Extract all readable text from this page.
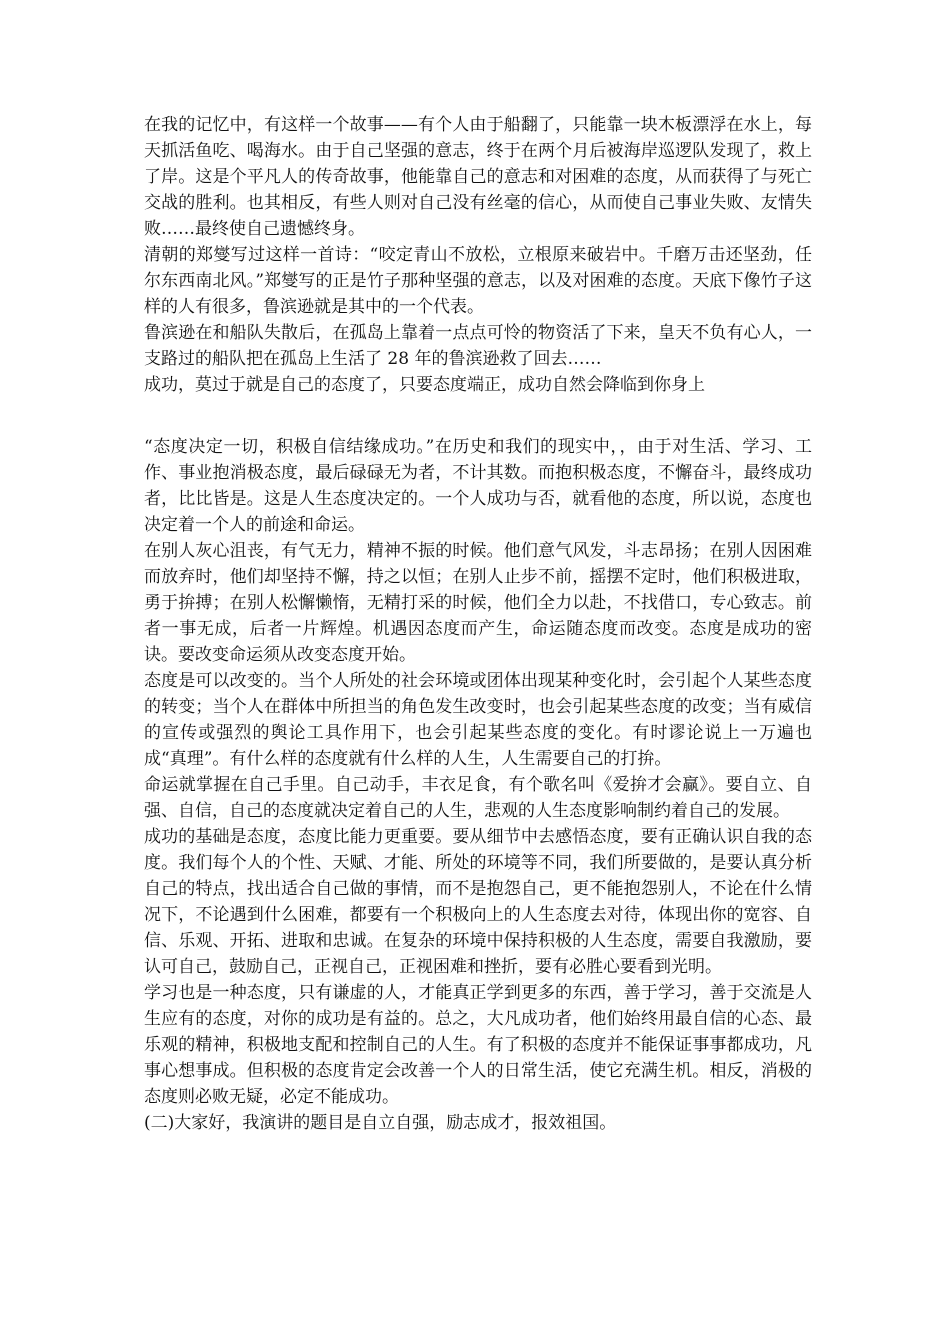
在我的记忆中，有这样一个故事——有个人由于船翻了，只能靠一块木板漂浮在水上，每天抓活鱼吃、喝海水。由于自己坚强的意志，终于在两个月后被海岸巡逻队发现了，救上了岸。这是个平凡人的传奇故事，他能靠自己的意志和对困难的态度，从而获得了与死亡交战的胜利。也其相反，有些人则对自己没有丝毫的信心，从而使自己事业失败、友情失败……最终使自己遗憾终身。

清朝的郑燮写过这样一首诗：“咬定青山不放松，立根原来破岩中。千磨万击还坚劲，任尔东西南北风。”郑燮写的正是竹子那种坚强的意志，以及对困难的态度。天底下像竹子这样的人有很多，鲁滨逊就是其中的一个代表。

鲁滨逊在和船队失散后，在孤岛上靠着一点点可怜的物资活了下来，皇天不负有心人，一支路过的船队把在孤岛上生活了 28 年的鲁滨逊救了回去……

成功，莫过于就是自己的态度了，只要态度端正，成功自然会降临到你身上

“态度决定一切，积极自信结缘成功。”在历史和我们的现实中，，由于对生活、学习、工作、事业抱消极态度，最后碌碌无为者，不计其数。而抱积极态度，不懈奋斗，最终成功者，比比皆是。这是人生态度决定的。一个人成功与否，就看他的态度，所以说，态度也决定着一个人的前途和命运。

在别人灰心沮丧，有气无力，精神不振的时候。他们意气风发，斗志昂扬；在别人因困难而放弃时，他们却坚持不懈，持之以恒；在别人止步不前，摇摆不定时，他们积极进取，勇于拚搏；在别人松懈懒惰，无精打采的时候，他们全力以赴，不找借口，专心致志。前者一事无成，后者一片辉煌。机遇因态度而产生，命运随态度而改变。态度是成功的密诀。要改变命运须从改变态度开始。

态度是可以改变的。当个人所处的社会环境或团体出现某种变化时，会引起个人某些态度的转变；当个人在群体中所担当的角色发生改变时，也会引起某些态度的改变；当有威信的宣传或强烈的舆论工具作用下，也会引起某些态度的变化。有时谬论说上一万遍也成“真理”。有什么样的态度就有什么样的人生，人生需要自己的打拚。

命运就掌握在自己手里。自己动手，丰衣足食，有个歌名叫《爱拚才会赢》。要自立、自强、自信，自己的态度就决定着自己的人生，悲观的人生态度影响制约着自己的发展。

成功的基础是态度，态度比能力更重要。要从细节中去感悟态度，要有正确认识自我的态度。我们每个人的个性、天赋、才能、所处的环境等不同，我们所要做的，是要认真分析自己的特点，找出适合自己做的事情，而不是抱怨自己，更不能抱怨别人，不论在什么情况下，不论遇到什么困难，都要有一个积极向上的人生态度去对待，体现出你的宽容、自信、乐观、开拓、进取和忠诚。在复杂的环境中保持积极的人生态度，需要自我激励，要认可自己，鼓励自己，正视自己，正视困难和挫折，要有必胜心要看到光明。

学习也是一种态度，只有谦虚的人，才能真正学到更多的东西，善于学习，善于交流是人生应有的态度，对你的成功是有益的。总之，大凡成功者，他们始终用最自信的心态、最乐观的精神，积极地支配和控制自己的人生。有了积极的态度并不能保证事事都成功，凡事心想事成。但积极的态度肯定会改善一个人的日常生活，使它充满生机。相反，消极的态度则必败无疑，必定不能成功。

(二)大家好，我演讲的题目是自立自强，励志成才，报效祖国。
